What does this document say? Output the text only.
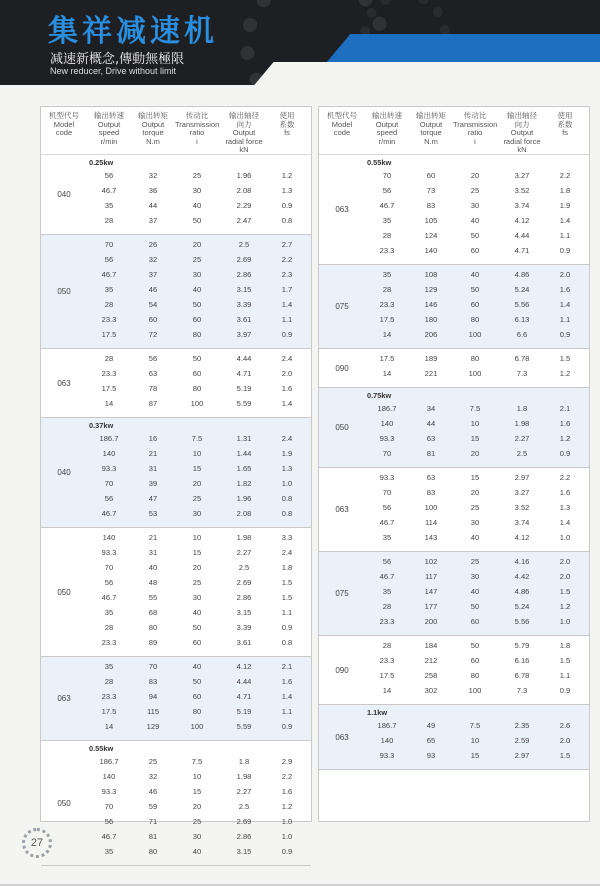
集祥减速机
减速新概念,傳動無極限
New reducer, Drive without limit
机型代号
Model
code
输出转速
Output
speed
r/min
输出转矩
Output
torque
N.m
传动比
Transmission
ratio
i
输出轴径
向力
Output
radial force
kN
使用
系数
fs
040
0.25kw
56	32	25	1.96	1.2
46.7	36	30	2.08	1.3
35	44	40	2.29	0.9
28	37	50	2.47	0.8
050
70	26	20	2.5	2.7
56	32	25	2.69	2.2
46.7	37	30	2.86	2.3
35	46	40	3.15	1.7
28	54	50	3.39	1.4
23.3	60	60	3.61	1.1
17.5	72	80	3.97	0.9
063
28	56	50	4.44	2.4
23.3	63	60	4.71	2.0
17.5	78	80	5.19	1.6
14	87	100	5.59	1.4
040
0.37kw
186.7	16	7.5	1.31	2.4
140	21	10	1.44	1.9
93.3	31	15	1.65	1.3
70	39	20	1.82	1.0
56	47	25	1.96	0.8
46.7	53	30	2.08	0.8
050
140	21	10	1.98	3.3
93.3	31	15	2.27	2.4
70	40	20	2.5	1.8
56	48	25	2.69	1.5
46.7	55	30	2.86	1.5
35	68	40	3.15	1.1
28	80	50	3.39	0.9
23.3	89	60	3.61	0.8
063
35	70	40	4.12	2.1
28	83	50	4.44	1.6
23.3	94	60	4.71	1.4
17.5	115	80	5.19	1.1
14	129	100	5.59	0.9
050
0.55kw
186.7	25	7.5	1.8	2.9
140	32	10	1.98	2.2
93.3	46	15	2.27	1.6
70	59	20	2.5	1.2
56	71	25	2.69	1.0
46.7	81	30	2.86	1.0
35	80	40	3.15	0.9
机型代号
Model
code
输出转速
Output
speed
r/min
输出转矩
Output
torque
N.m
传动比
Transmission
ratio
i
输出轴径
向力
Output
radial force
kN
使用
系数
fs
063
0.55kw
70	60	20	3.27	2.2
56	73	25	3.52	1.8
46.7	83	30	3.74	1.9
35	105	40	4.12	1.4
28	124	50	4.44	1.1
23.3	140	60	4.71	0.9
075
35	108	40	4.86	2.0
28	129	50	5.24	1.6
23.3	146	60	5.56	1.4
17.5	180	80	6.13	1.1
14	206	100	6.6	0.9
090
17.5	189	80	6.78	1.5
14	221	100	7.3	1.2
050
0.75kw
186.7	34	7.5	1.8	2.1
140	44	10	1.98	1.6
93.3	63	15	2.27	1.2
70	81	20	2.5	0.9
063
93.3	63	15	2.97	2.2
70	83	20	3.27	1.6
56	100	25	3.52	1.3
46.7	114	30	3.74	1.4
35	143	40	4.12	1.0
075
56	102	25	4.16	2.0
46.7	117	30	4.42	2.0
35	147	40	4.86	1.5
28	177	50	5.24	1.2
23.3	200	60	5.56	1.0
090
28	184	50	5.79	1.8
23.3	212	60	6.16	1.5
17.5	258	80	6.78	1.1
14	302	100	7.3	0.9
063
1.1kw
186.7	49	7.5	2.35	2.6
140	65	10	2.59	2.0
93.3	93	15	2.97	1.5
27
